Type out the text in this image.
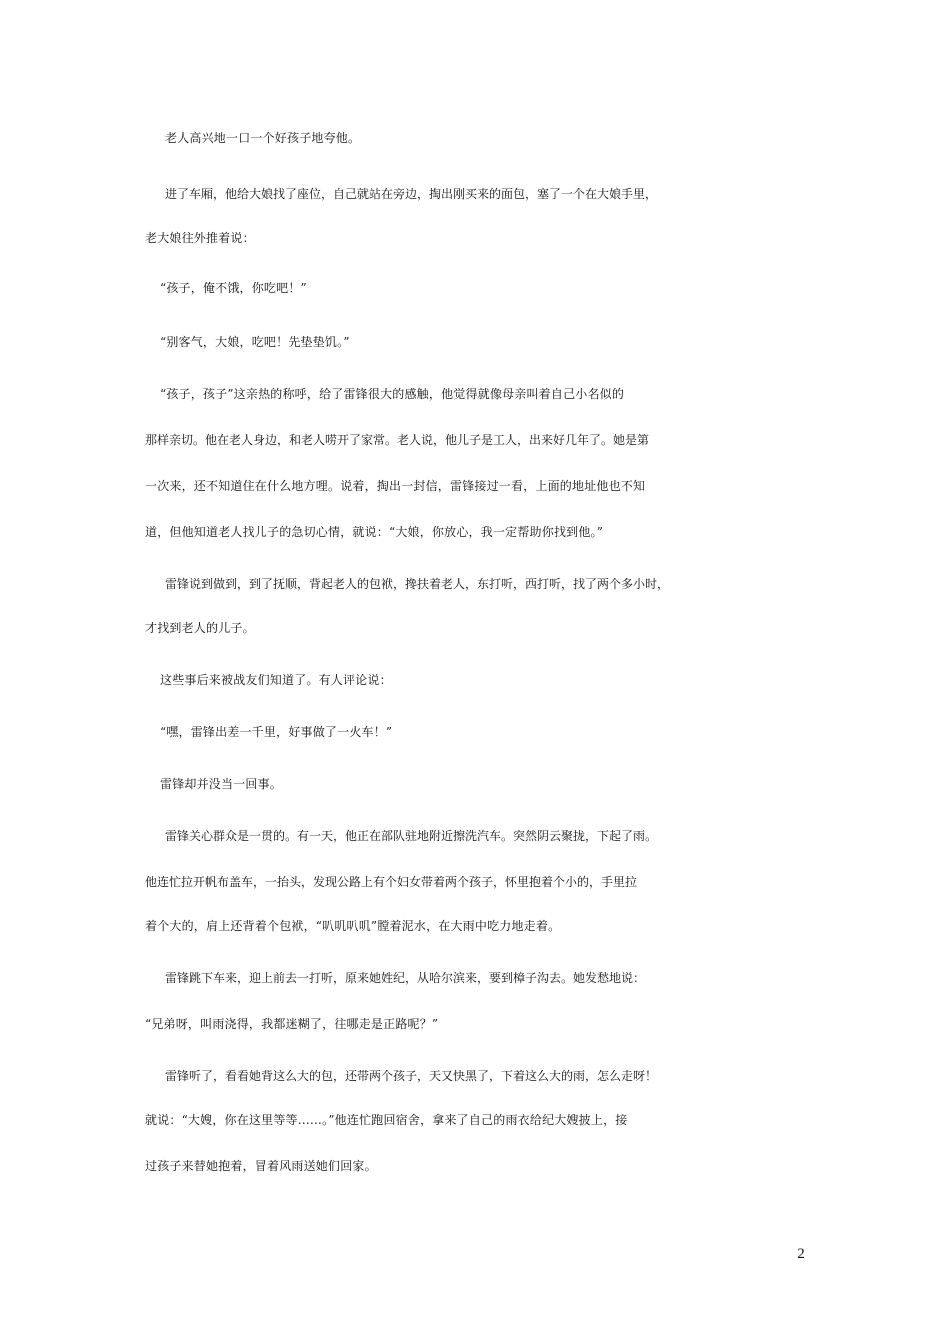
老人高兴地一口一个好孩子地夸他。
进了车厢，他给大娘找了座位，自己就站在旁边，掏出刚买来的面包，塞了一个在大娘手里，
老大娘往外推着说：
“孩子，俺不饿，你吃吧！”
“别客气，大娘，吃吧！先垫垫饥。”
“孩子，孩子”这亲热的称呼，给了雷锋很大的感触，他觉得就像母亲叫着自己小名似的
那样亲切。他在老人身边，和老人唠开了家常。老人说，他儿子是工人，出来好几年了。她是第
一次来，还不知道住在什么地方哩。说着，掏出一封信，雷锋接过一看，上面的地址他也不知
道，但他知道老人找儿子的急切心情，就说：“大娘，你放心，我一定帮助你找到他。”
雷锋说到做到，到了抚顺，背起老人的包袱，搀扶着老人，东打听，西打听，找了两个多小时，
才找到老人的儿子。
这些事后来被战友们知道了。有人评论说：
“嘿，雷锋出差一千里，好事做了一火车！”
雷锋却并没当一回事。
雷锋关心群众是一贯的。有一天，他正在部队驻地附近擦洗汽车。突然阴云聚拢，下起了雨。
他连忙拉开帆布盖车，一抬头，发现公路上有个妇女带着两个孩子，怀里抱着个小的，手里拉
着个大的，肩上还背着个包袱，“叭叽叭叽”膛着泥水，在大雨中吃力地走着。
雷锋跳下车来，迎上前去一打听，原来她姓纪，从哈尔滨来，要到樟子沟去。她发愁地说：
“兄弟呀，叫雨浇得，我都迷糊了，往哪走是正路呢？”
雷锋听了，看看她背这么大的包，还带两个孩子，天又快黑了，下着这么大的雨，怎么走呀！
就说：“大嫂，你在这里等等……。”他连忙跑回宿舍，拿来了自己的雨衣给纪大嫂披上，接
过孩子来替她抱着，冒着风雨送她们回家。
2
